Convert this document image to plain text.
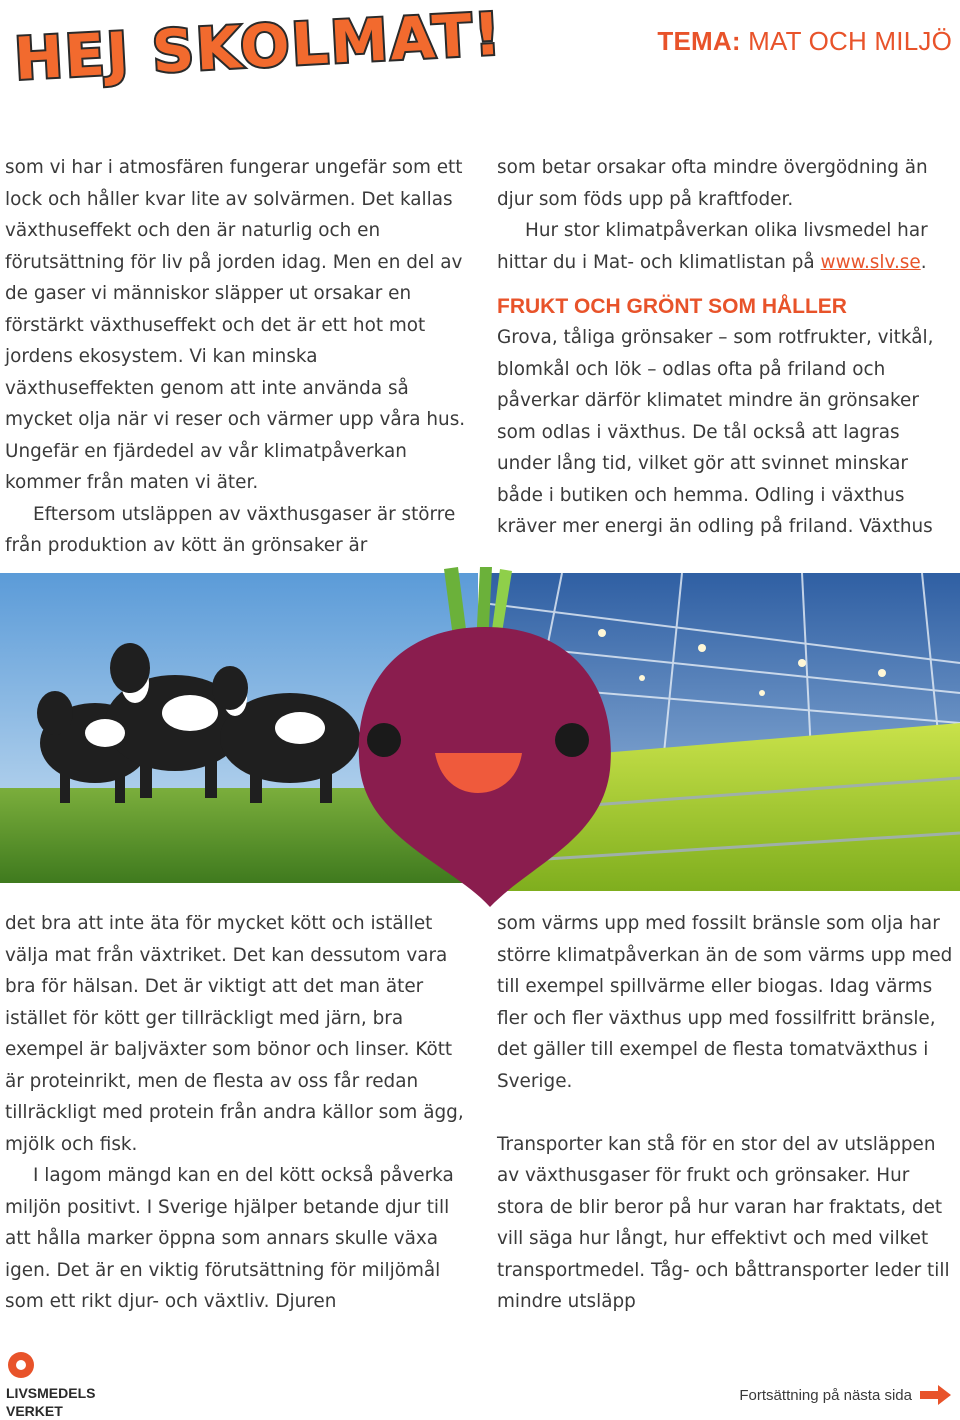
HEJ SKOLMAT!	TEMA: MAT OCH MILJÖ

som vi har i atmosfären fungerar ungefär som ett lock och håller kvar lite av solvärmen. Det kallas växthuseffekt och den är naturlig och en förutsättning för liv på jorden idag. Men en del av de gaser vi människor släpper ut orsakar en förstärkt växthuseffekt och det är ett hot mot jordens ekosystem. Vi kan minska växthuseffekten genom att inte använda så mycket olja när vi reser och värmer upp våra hus. Ungefär en fjärdedel av vår klimatpåverkan kommer från maten vi äter.

Eftersom utsläppen av växthusgaser är större från produktion av kött än grönsaker är

som betar orsakar ofta mindre övergödning än djur som föds upp på kraftfoder.

Hur stor klimatpåverkan olika livsmedel har hittar du i Mat- och klimatlistan på www.slv.se.

FRUKT OCH GRÖNT SOM HÅLLER

Grova, tåliga grönsaker – som rotfrukter, vitkål, blomkål och lök – odlas ofta på friland och påverkar därför klimatet mindre än grönsaker som odlas i växthus. De tål också att lagras under lång tid, vilket gör att svinnet minskar både i butiken och hemma. Odling i växthus kräver mer energi än odling på friland. Växthus

det bra att inte äta för mycket kött och istället välja mat från växtriket. Det kan dessutom vara bra för hälsan. Det är viktigt att det man äter istället för kött ger tillräckligt med järn, bra exempel är baljväxter som bönor och linser. Kött är proteinrikt, men de flesta av oss får redan tillräckligt med protein från andra källor som ägg, mjölk och fisk.

I lagom mängd kan en del kött också påverka miljön positivt. I Sverige hjälper betande djur till att hålla marker öppna som annars skulle växa igen. Det är en viktig förutsättning för miljömål som ett rikt djur- och växtliv. Djuren

som värms upp med fossilt bränsle som olja har större klimatpåverkan än de som värms upp med till exempel spillvärme eller biogas. Idag värms fler och fler växthus upp med fossilfritt bränsle, det gäller till exempel de flesta tomatväxthus i Sverige.

Transporter kan stå för en stor del av utsläppen av växthusgaser för frukt och grönsaker. Hur stora de blir beror på hur varan har fraktats, det vill säga hur långt, hur effektivt och med vilket transportmedel. Tåg- och båttransporter leder till mindre utsläpp

LIVSMEDELS
VERKET
Fortsättning på nästa sida
